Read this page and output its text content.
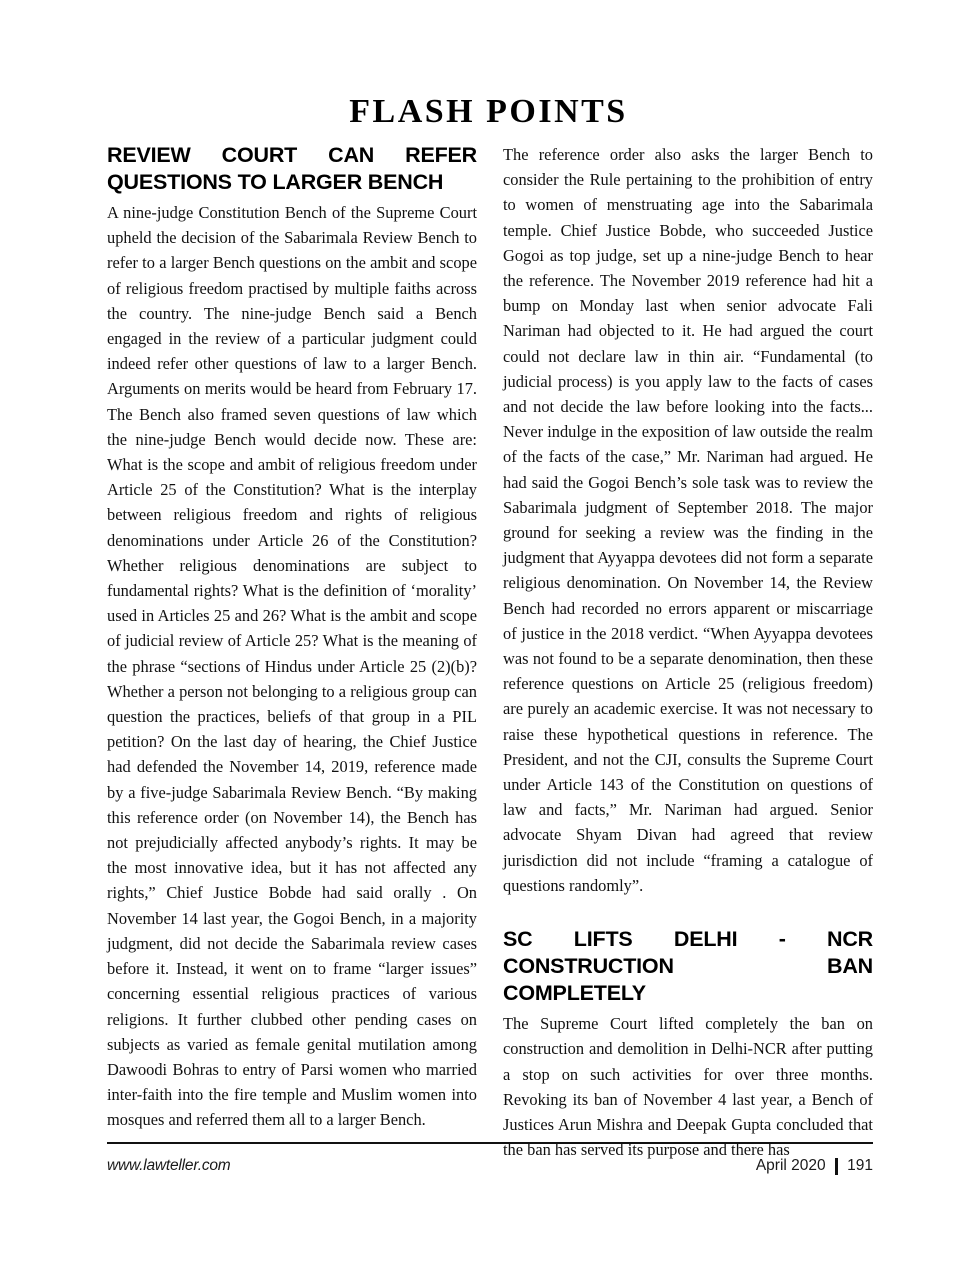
FLASH POINTS
REVIEW COURT CAN REFER
QUESTIONS TO LARGER BENCH

A nine-judge Constitution Bench of the Supreme Court upheld the decision of the Sabarimala Review Bench to refer to a larger Bench questions on the ambit and scope of religious freedom practised by multiple faiths across the country. The nine-judge Bench said a Bench engaged in the review of a particular judgment could indeed refer other questions of law to a larger Bench. Arguments on merits would be heard from February 17. The Bench also framed seven questions of law which the nine-judge Bench would decide now. These are: What is the scope and ambit of religious freedom under Article 25 of the Constitution? What is the interplay between religious freedom and rights of religious denominations under Article 26 of the Constitution? Whether religious denominations are subject to fundamental rights? What is the definition of ‘morality’ used in Articles 25 and 26? What is the ambit and scope of judicial review of Article 25? What is the meaning of the phrase “sections of Hindus under Article 25 (2)(b)? Whether a person not belonging to a religious group can question the practices, beliefs of that group in a PIL petition? On the last day of hearing, the Chief Justice had defended the November 14, 2019, reference made by a five-judge Sabarimala Review Bench. “By making this reference order (on November 14), the Bench has not prejudicially affected anybody’s rights. It may be the most innovative idea, but it has not affected any rights,” Chief Justice Bobde had said orally . On November 14 last year, the Gogoi Bench, in a majority judgment, did not decide the Sabarimala review cases before it. Instead, it went on to frame “larger issues” concerning essential religious practices of various religions. It further clubbed other pending cases on subjects as varied as female genital mutilation among Dawoodi Bohras to entry of Parsi women who married inter-faith into the fire temple and Muslim women into mosques and referred them all to a larger Bench.

The reference order also asks the larger Bench to consider the Rule pertaining to the prohibition of entry to women of menstruating age into the Sabarimala temple. Chief Justice Bobde, who succeeded Justice Gogoi as top judge, set up a nine-judge Bench to hear the reference. The November 2019 reference had hit a bump on Monday last when senior advocate Fali Nariman had objected to it. He had argued the court could not declare law in thin air. “Fundamental (to judicial process) is you apply law to the facts of cases and not decide the law before looking into the facts... Never indulge in the exposition of law outside the realm of the facts of the case,” Mr. Nariman had argued. He had said the Gogoi Bench’s sole task was to review the Sabarimala judgment of September 2018. The major ground for seeking a review was the finding in the judgment that Ayyappa devotees did not form a separate religious denomination. On November 14, the Review Bench had recorded no errors apparent or miscarriage of justice in the 2018 verdict. “When Ayyappa devotees was not found to be a separate denomination, then these reference questions on Article 25 (religious freedom) are purely an academic exercise. It was not necessary to raise these hypothetical questions in reference. The President, and not the CJI, consults the Supreme Court under Article 143 of the Constitution on questions of law and facts,” Mr. Nariman had argued. Senior advocate Shyam Divan had agreed that review jurisdiction did not include “framing a catalogue of questions randomly”.

SC LIFTS DELHI - NCR
CONSTRUCTION BAN COMPLETELY

The Supreme Court lifted completely the ban on construction and demolition in Delhi-NCR after putting a stop on such activities for over three months. Revoking its ban of November 4 last year, a Bench of Justices Arun Mishra and Deepak Gupta concluded that the ban has served its purpose and there has

www.lawteller.com	April 2020 191
